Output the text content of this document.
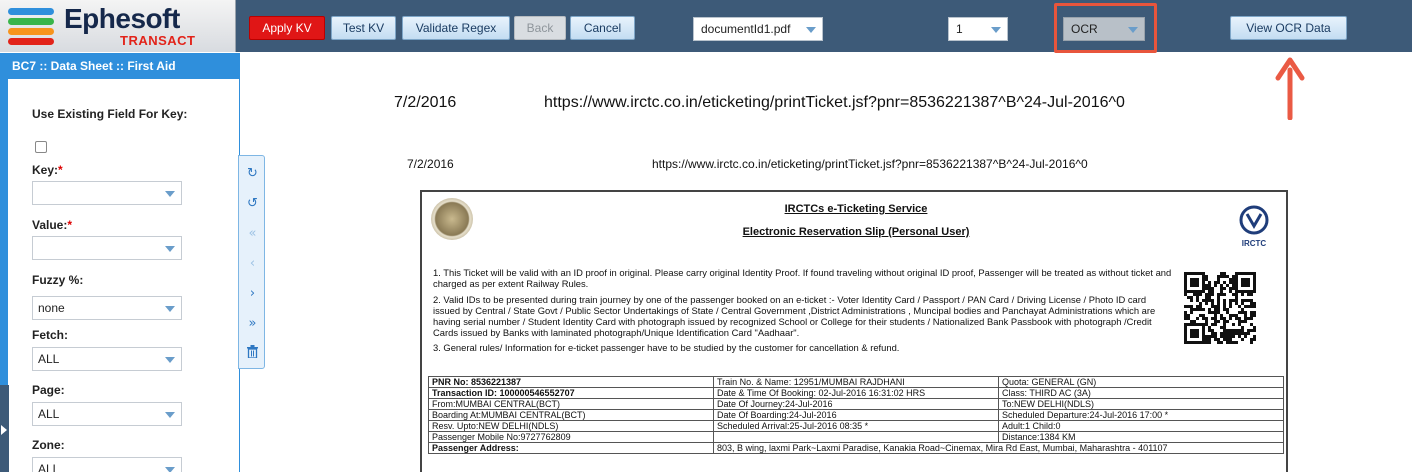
Ephesoft
TRANSACT
Apply KV	Test KV	Validate Regex	Back	Cancel	documentId1.pdf	1	OCR	View OCR Data
BC7 :: Data Sheet :: First Aid
Use Existing Field For Key:
Key:*
Value:*
Fuzzy %:
none
Fetch:
ALL
Page:
ALL
Zone:
ALL
↻
↺
«
‹
›
»
7/2/2016	https://www.irctc.co.in/eticketing/printTicket.jsf?pnr=8536221387^B^24-Jul-2016^0
7/2/2016	https://www.irctc.co.in/eticketing/printTicket.jsf?pnr=8536221387^B^24-Jul-2016^0
IRCTC
IRCTCs e-Ticketing Service
Electronic Reservation Slip (Personal User)
1. This Ticket will be valid with an ID proof in original. Please carry original Identity Proof. If found traveling without original ID proof, Passenger will be treated as without ticket and charged as per extent Railway Rules.
2. Valid IDs to be presented during train journey by one of the passenger booked on an e-ticket :- Voter Identity Card / Passport / PAN Card / Driving License / Photo ID card issued by Central / State Govt / Public Sector Undertakings of State / Central Government ,District Administrations , Muncipal bodies and Panchayat Administrations which are having serial number / Student Identity Card with photograph issued by recognized School or College for their students / Nationalized Bank Passbook with photograph /Credit Cards issued by Banks with laminated photograph/Unique Identification Card "Aadhaar".
3. General rules/ Information for e-ticket passenger have to be studied by the customer for cancellation & refund.
PNR No: 8536221387	Train No. & Name: 12951/MUMBAI RAJDHANI	Quota: GENERAL (GN)
Transaction ID: 100000546552707	Date & Time Of Booking: 02-Jul-2016 16:31:02 HRS	Class: THIRD AC (3A)
From:MUMBAI CENTRAL(BCT)	Date Of Journey:24-Jul-2016	To:NEW DELHI(NDLS)
Boarding At:MUMBAI CENTRAL(BCT)	Date Of Boarding:24-Jul-2016	Scheduled Departure:24-Jul-2016 17:00 *
Resv. Upto:NEW DELHI(NDLS)	Scheduled Arrival:25-Jul-2016 08:35 *	Adult:1 Child:0
Passenger Mobile No:9727762809		Distance:1384 KM
Passenger Address:	803, B wing, laxmi Park~Laxmi Paradise, Kanakia Road~Cinemax, Mira Rd East, Mumbai, Maharashtra - 401107	
